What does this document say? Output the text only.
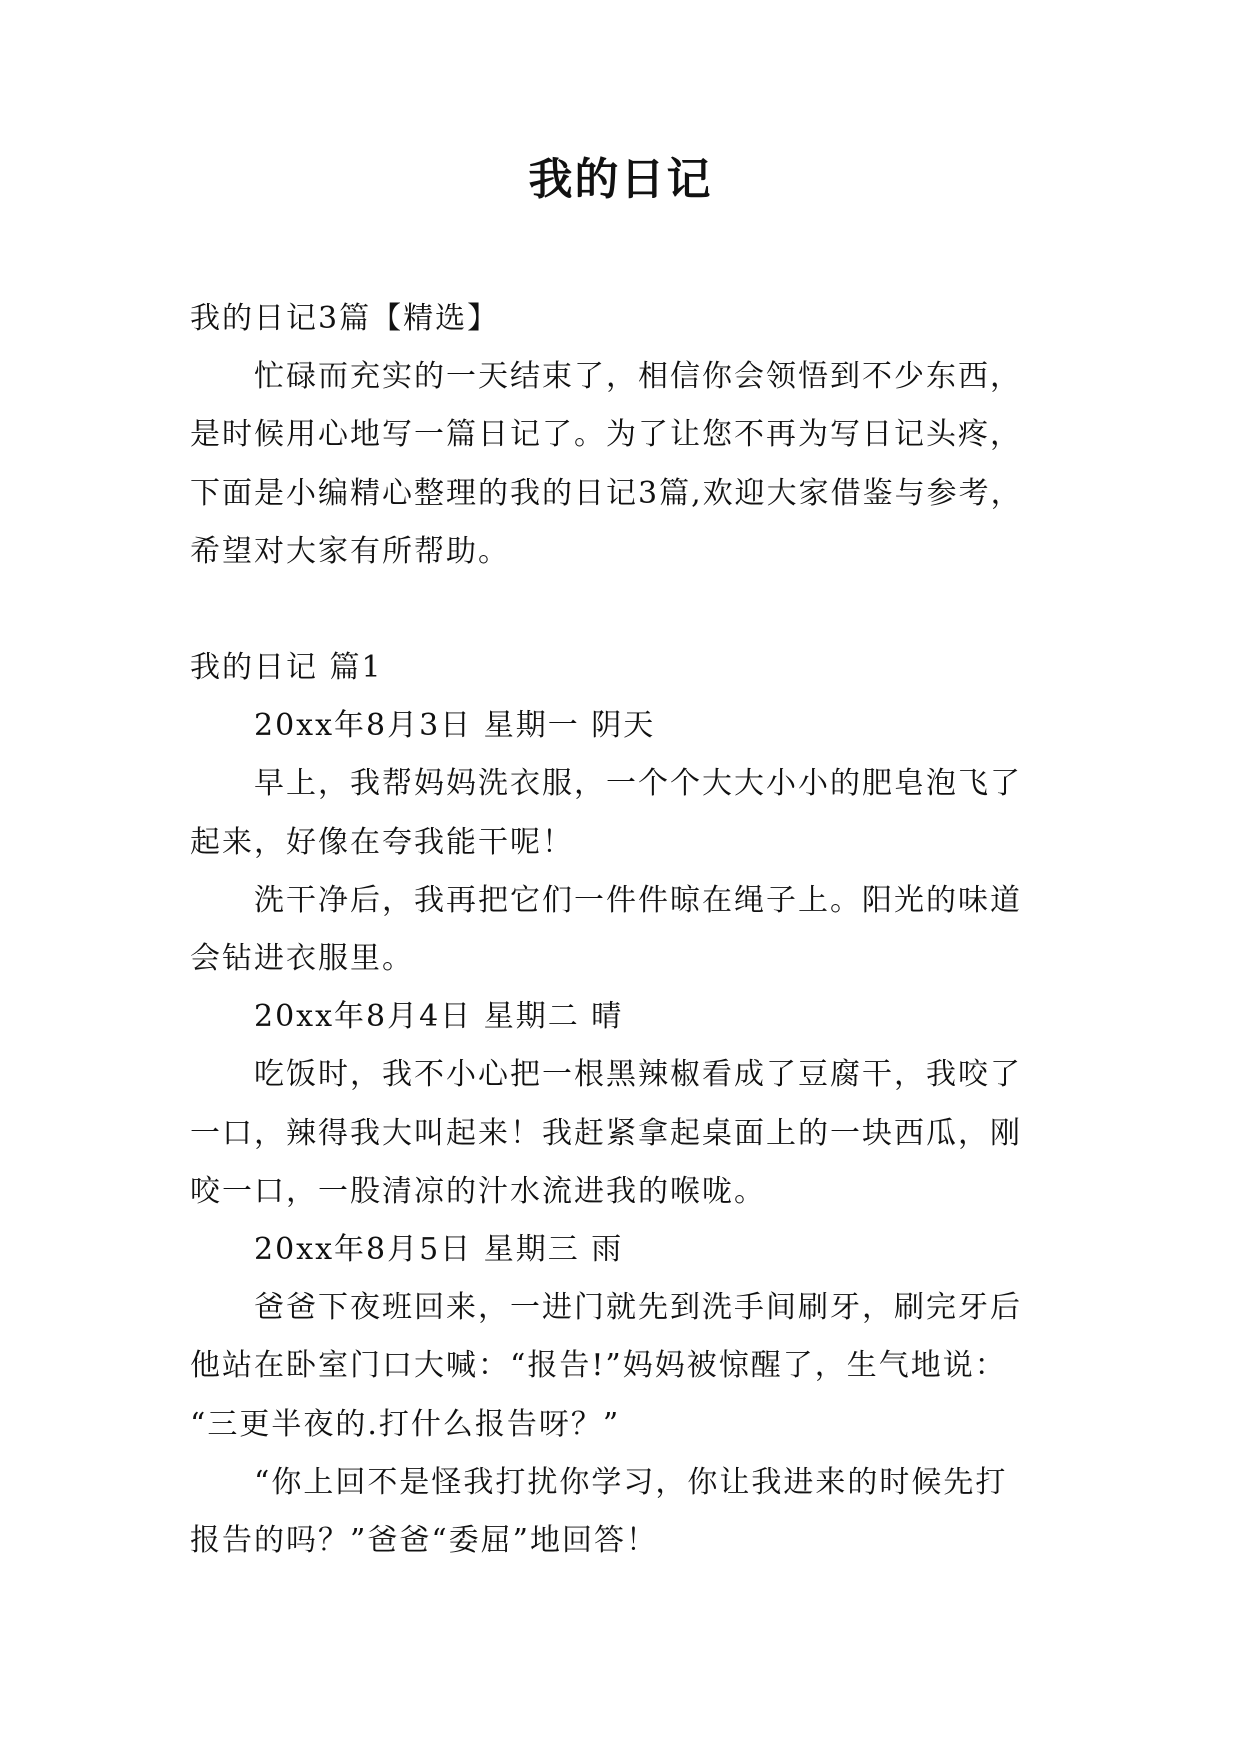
我的日记
我的日记3篇【精选】
忙碌而充实的一天结束了，相信你会领悟到不少东西，
是时候用心地写一篇日记了。为了让您不再为写日记头疼，
下面是小编精心整理的我的日记3篇,欢迎大家借鉴与参考，
希望对大家有所帮助。
我的日记 篇1
20xx年8月3日 星期一 阴天
早上，我帮妈妈洗衣服，一个个大大小小的肥皂泡飞了
起来，好像在夸我能干呢！
洗干净后，我再把它们一件件晾在绳子上。阳光的味道
会钻进衣服里。
20xx年8月4日 星期二 晴
吃饭时，我不小心把一根黑辣椒看成了豆腐干，我咬了
一口，辣得我大叫起来！我赶紧拿起桌面上的一块西瓜，刚
咬一口，一股清凉的汁水流进我的喉咙。
20xx年8月5日 星期三 雨
爸爸下夜班回来，一进门就先到洗手间刷牙，刷完牙后
他站在卧室门口大喊：“报告!”妈妈被惊醒了，生气地说：
“三更半夜的.打什么报告呀？”
“你上回不是怪我打扰你学习，你让我进来的时候先打
报告的吗？”爸爸“委屈”地回答！
